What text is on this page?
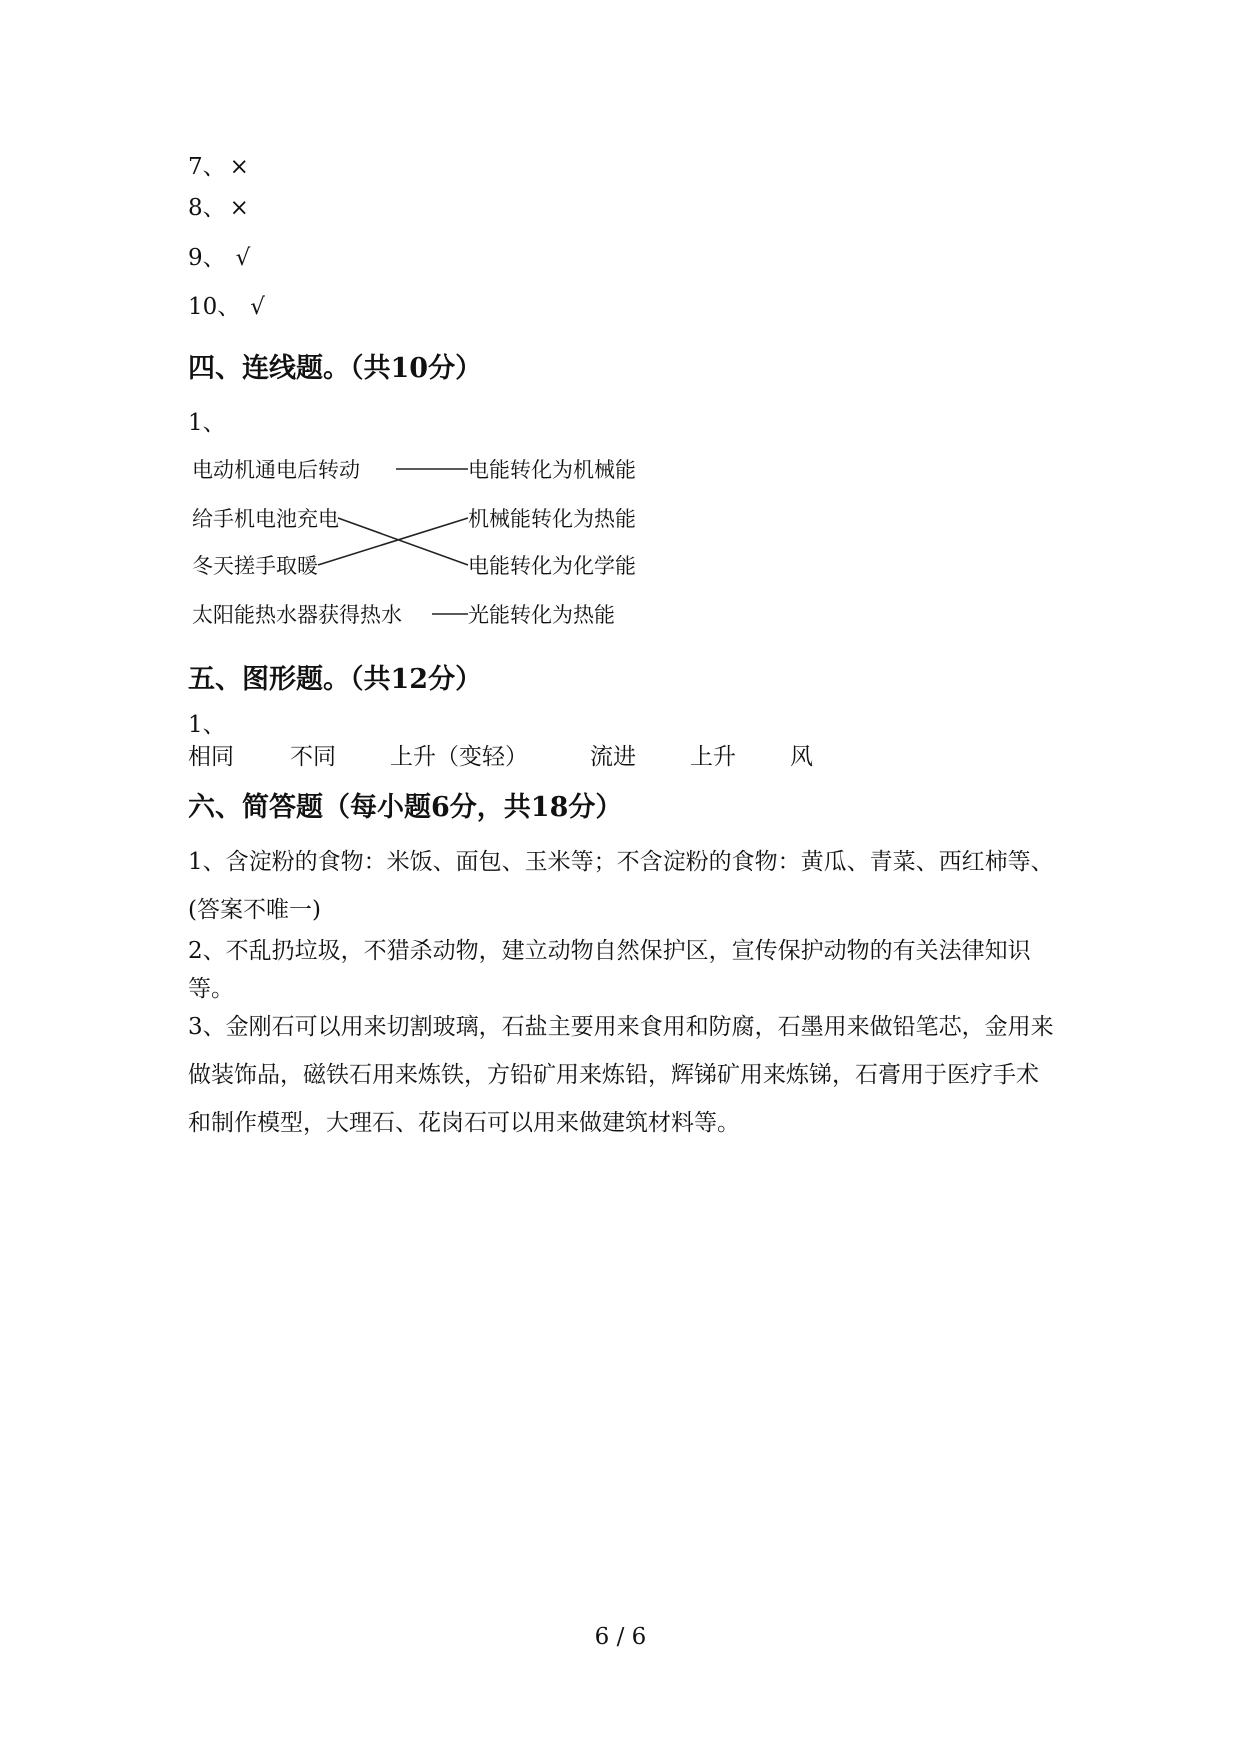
7、 ×
8、 ×
9、 √
10、 √
四、连线题。（共10分）
1、
电动机通电后转动
给手机电池充电
冬天搓手取暖
太阳能热水器获得热水
电能转化为机械能
机械能转化为热能
电能转化为化学能
光能转化为热能
五、图形题。（共12分）
1、
相同 不同 上升（变轻）	流进 上升 风
六、简答题（每小题6分，共18分）
1、含淀粉的食物：米饭、面包、玉米等；不含淀粉的食物：黄瓜、青菜、西红柿等、(答案不唯一)
2、不乱扔垃圾，不猎杀动物，建立动物自然保护区，宣传保护动物的有关法律知识等。
3、金刚石可以用来切割玻璃，石盐主要用来食用和防腐，石墨用来做铅笔芯，金用来做装饰品，磁铁石用来炼铁，方铅矿用来炼铅，辉锑矿用来炼锑，石膏用于医疗手术和制作模型，大理石、花岗石可以用来做建筑材料等。
6 / 6
